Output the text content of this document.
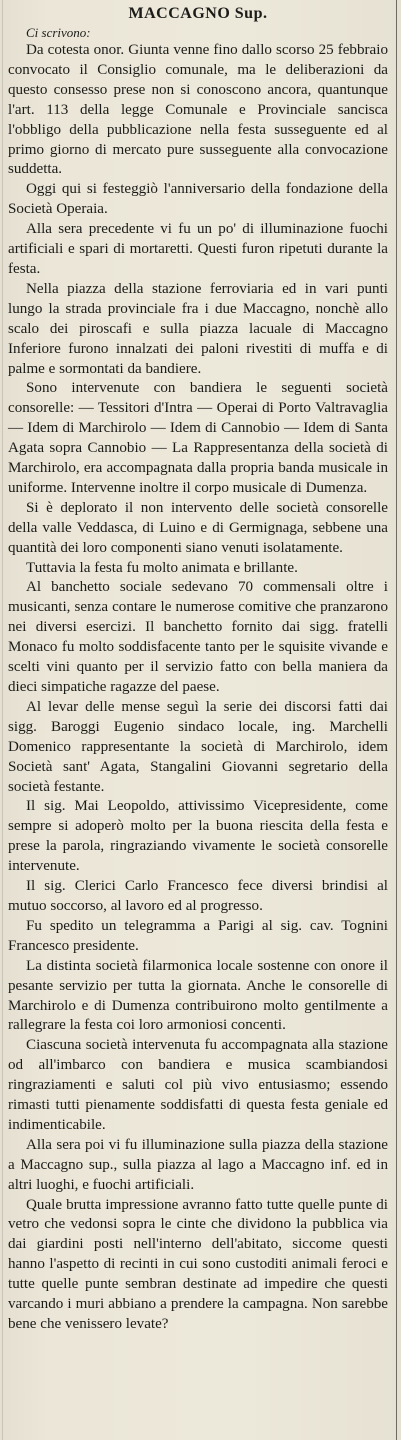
MACCAGNO Sup.

Ci scrivono:

Da cotesta onor. Giunta venne fino dallo scorso 25 febbraio convocato il Consiglio comunale, ma le deliberazioni da questo consesso prese non si conoscono ancora, quantunque l'art. 113 della legge Comunale e Provinciale sancisca l'obbligo della pubblicazione nella festa susseguente ed al primo giorno di mercato pure susseguente alla convocazione suddetta.

Oggi qui si festeggiò l'anniversario della fondazione della Società Operaia.

Alla sera precedente vi fu un po' di illuminazione fuochi artificiali e spari di mortaretti. Questi furon ripetuti durante la festa.

Nella piazza della stazione ferroviaria ed in vari punti lungo la strada provinciale fra i due Maccagno, nonchè allo scalo dei piroscafi e sulla piazza lacuale di Maccagno Inferiore furono innalzati dei paloni rivestiti di muffa e di palme e sormontati da bandiere.

Sono intervenute con bandiera le seguenti società consorelle: — Tessitori d'Intra — Operai di Porto Valtravaglia — Idem di Marchirolo — Idem di Cannobio — Idem di Santa Agata sopra Cannobio — La Rappresentanza della società di Marchirolo, era accompagnata dalla propria banda musicale in uniforme. Intervenne inoltre il corpo musicale di Dumenza.

Si è deplorato il non intervento delle società consorelle della valle Veddasca, di Luino e di Germignaga, sebbene una quantità dei loro componenti siano venuti isolatamente.

Tuttavia la festa fu molto animata e brillante.

Al banchetto sociale sedevano 70 commensali oltre i musicanti, senza contare le numerose comitive che pranzarono nei diversi esercizi. Il banchetto fornito dai sigg. fratelli Monaco fu molto soddisfacente tanto per le squisite vivande e scelti vini quanto per il servizio fatto con bella maniera da dieci simpatiche ragazze del paese.

Al levar delle mense seguì la serie dei discorsi fatti dai sigg. Baroggi Eugenio sindaco locale, ing. Marchelli Domenico rappresentante la società di Marchirolo, idem Società sant' Agata, Stangalini Giovanni segretario della società festante.

Il sig. Mai Leopoldo, attivissimo Vicepresidente, come sempre si adoperò molto per la buona riescita della festa e prese la parola, ringraziando vivamente le società consorelle intervenute.

Il sig. Clerici Carlo Francesco fece diversi brindisi al mutuo soccorso, al lavoro ed al progresso.

Fu spedito un telegramma a Parigi al sig. cav. Tognini Francesco presidente.

La distinta società filarmonica locale sostenne con onore il pesante servizio per tutta la giornata. Anche le consorelle di Marchirolo e di Dumenza contribuirono molto gentilmente a rallegrare la festa coi loro armoniosi concenti.

Ciascuna società intervenuta fu accompagnata alla stazione od all'imbarco con bandiera e musica scambiandosi ringraziamenti e saluti col più vivo entusiasmo; essendo rimasti tutti pienamente soddisfatti di questa festa geniale ed indimenticabile.

Alla sera poi vi fu illuminazione sulla piazza della stazione a Maccagno sup., sulla piazza al lago a Maccagno inf. ed in altri luoghi, e fuochi artificiali.

Quale brutta impressione avranno fatto tutte quelle punte di vetro che vedonsi sopra le cinte che dividono la pubblica via dai giardini posti nell'interno dell'abitato, siccome questi hanno l'aspetto di recinti in cui sono custoditi animali feroci e tutte quelle punte sembran destinate ad impedire che questi varcando i muri abbiano a prendere la campagna. Non sarebbe bene che venissero levate?
